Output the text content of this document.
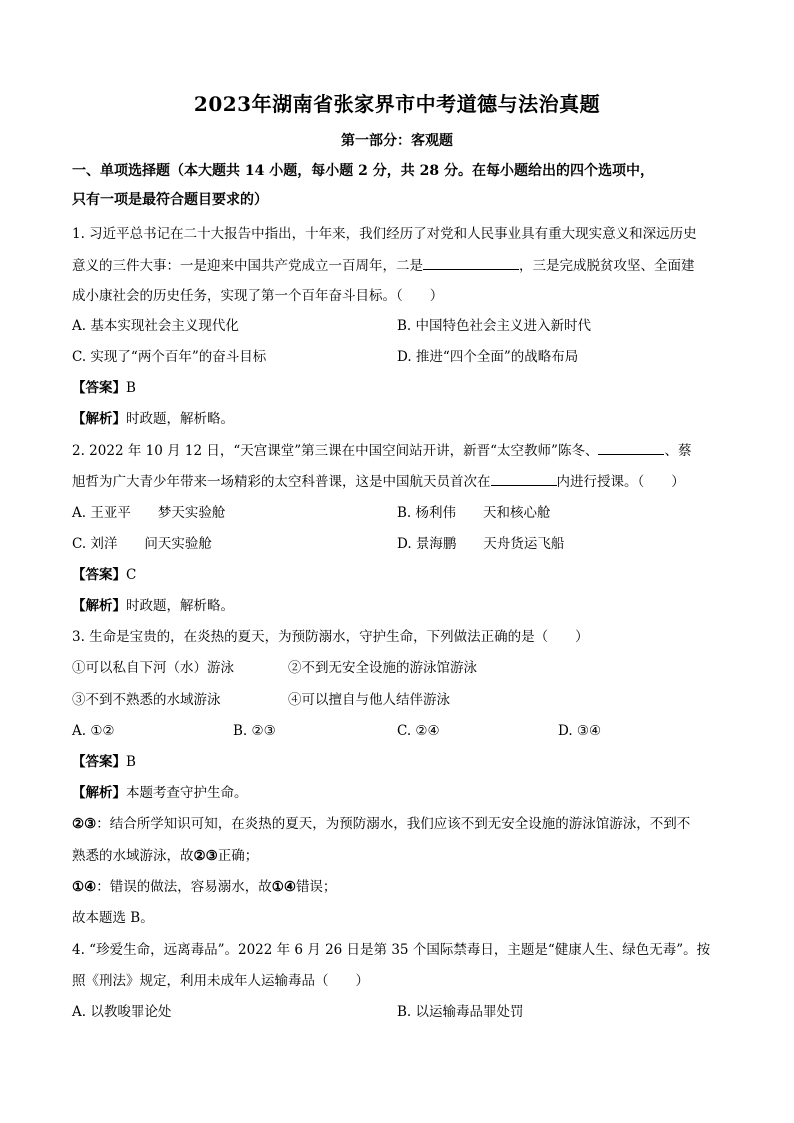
2023年湖南省张家界市中考道德与法治真题
第一部分：客观题
一、单项选择题（本大题共 14 小题，每小题 2 分，共 28 分。在每小题给出的四个选项中，
只有一项是最符合题目要求的）
1. 习近平总书记在二十大报告中指出，十年来，我们经历了对党和人民事业具有重大现实意义和深远历史
意义的三件大事：一是迎来中国共产党成立一百周年，二是	，三是完成脱贫攻坚、全面建
成小康社会的历史任务，实现了第一个百年奋斗目标。（　　）
A. 基本实现社会主义现代化	B. 中国特色社会主义进入新时代
C. 实现了“两个百年”的奋斗目标	D. 推进“四个全面”的战略布局
【答案】B
【解析】时政题，解析略。
2. 2022 年 10 月 12 日，“天宫课堂”第三课在中国空间站开讲，新晋“太空教师”陈冬、	、蔡
旭哲为广大青少年带来一场精彩的太空科普课，这是中国航天员首次在	内进行授课。（　　）
A. 王亚平　　梦天实验舱	B. 杨利伟　　天和核心舱
C. 刘洋　　问天实验舱	D. 景海鹏　　天舟货运飞船
【答案】C
【解析】时政题，解析略。
3. 生命是宝贵的，在炎热的夏天，为预防溺水，守护生命，下列做法正确的是（　　）
①可以私自下河（水）游泳	②不到无安全设施的游泳馆游泳
③不到不熟悉的水域游泳	④可以擅自与他人结伴游泳
A. ①②	B. ②③	C. ②④	D. ③④
【答案】B
【解析】本题考查守护生命。
②③：结合所学知识可知，在炎热的夏天，为预防溺水，我们应该不到无安全设施的游泳馆游泳，不到不
熟悉的水域游泳，故②③正确；
①④：错误的做法，容易溺水，故①④错误；
故本题选 B。
4. “珍爱生命，远离毒品”。2022 年 6 月 26 日是第 35 个国际禁毒日，主题是“健康人生、绿色无毒”。按
照《刑法》规定，利用未成年人运输毒品（　　）
A. 以教唆罪论处	B. 以运输毒品罪处罚
